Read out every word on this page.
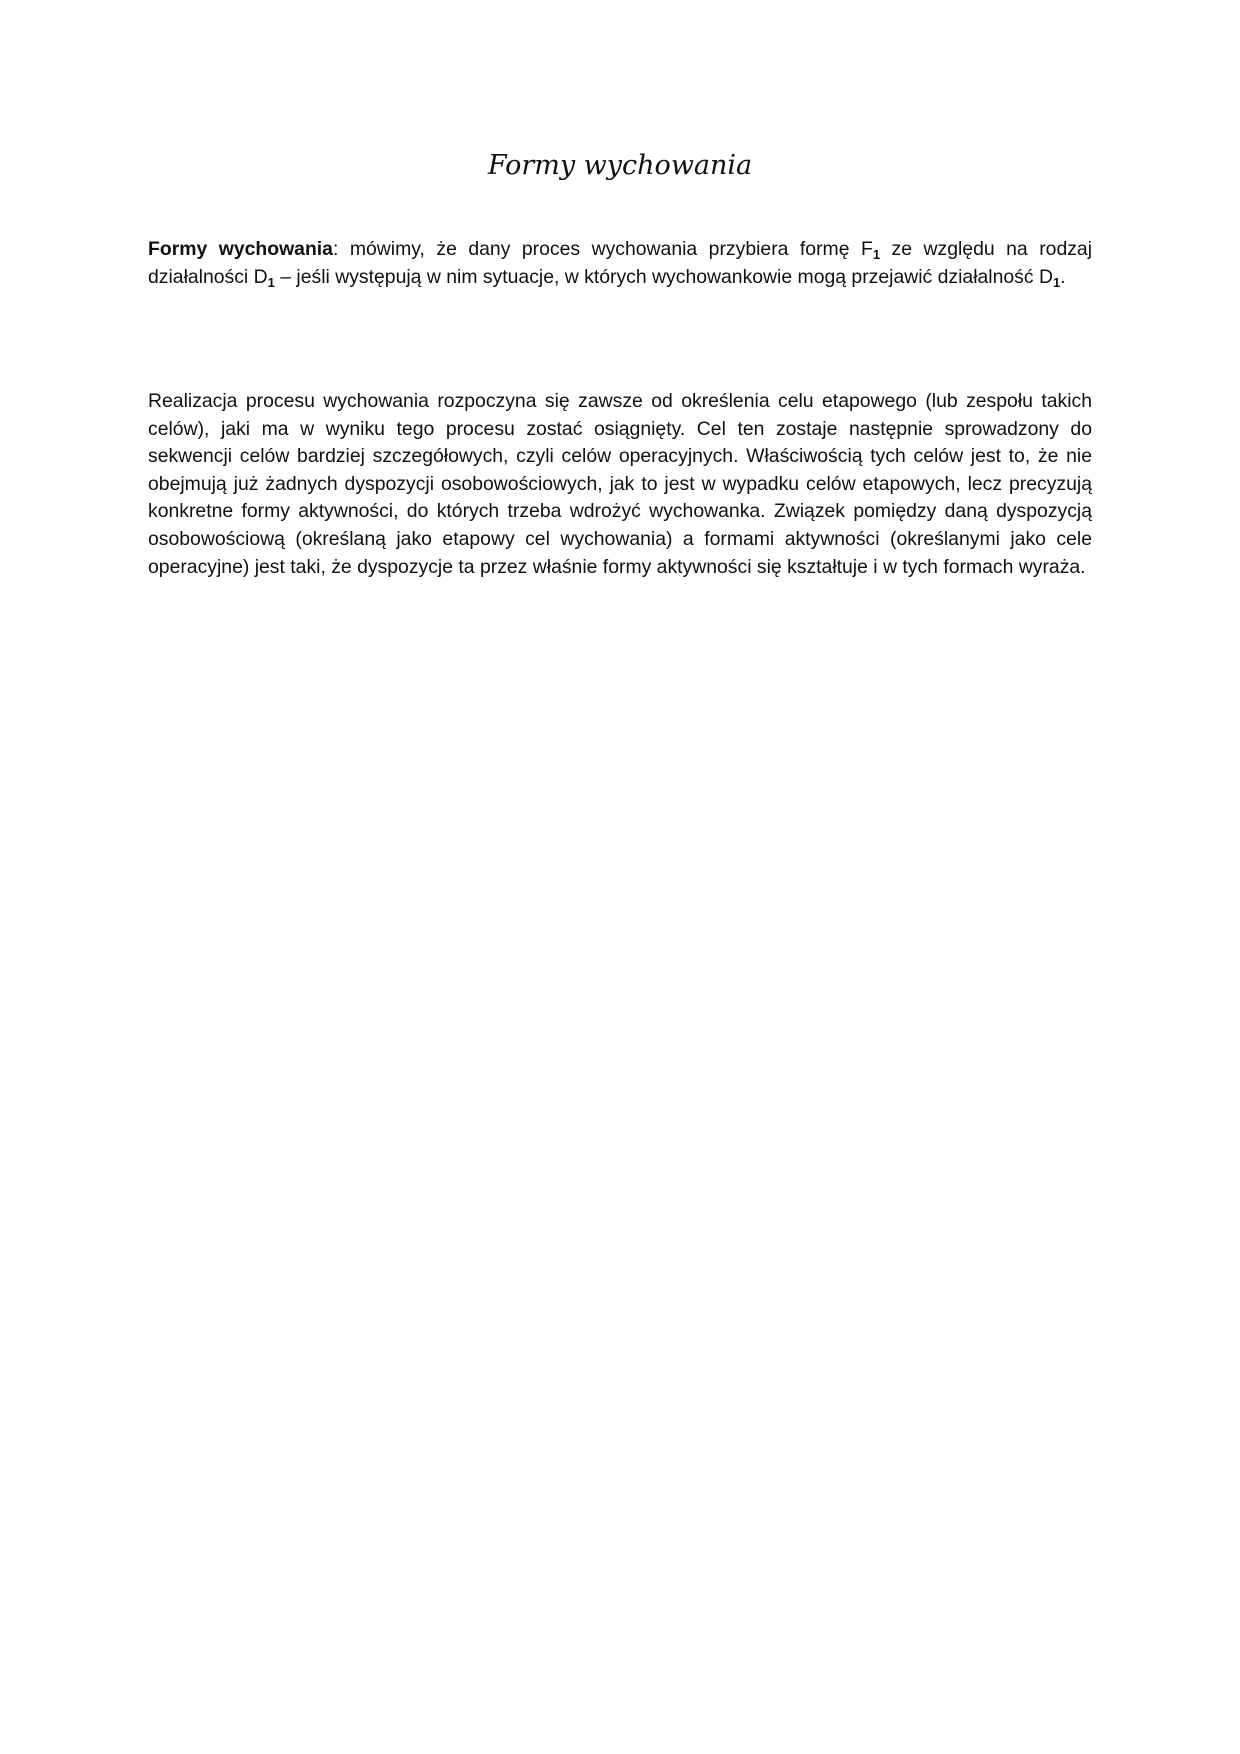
Formy wychowania

Formy wychowania: mówimy, że dany proces wychowania przybiera formę $F_1$ ze względu na rodzaj działalności $D_1$ – jeśli występują w nim sytuacje, w których wychowankowie mogą przejawić działalność $D_1$.

Realizacja procesu wychowania rozpoczyna się zawsze od określenia celu etapowego (lub zespołu takich celów), jaki ma w wyniku tego procesu zostać osiągnięty. Cel ten zostaje następnie sprowadzony do sekwencji celów bardziej szczegółowych, czyli celów operacyjnych. Właściwością tych celów jest to, że nie obejmują już żadnych dyspozycji osobowościowych, jak to jest w wypadku celów etapowych, lecz precyzują konkretne formy aktywności, do których trzeba wdrożyć wychowanka. Związek pomiędzy daną dyspozycją osobowościową (określaną jako etapowy cel wychowania) a formami aktywności (określanymi jako cele operacyjne) jest taki, że dyspozycje ta przez właśnie formy aktywności się kształtuje i w tych formach wyraża.
